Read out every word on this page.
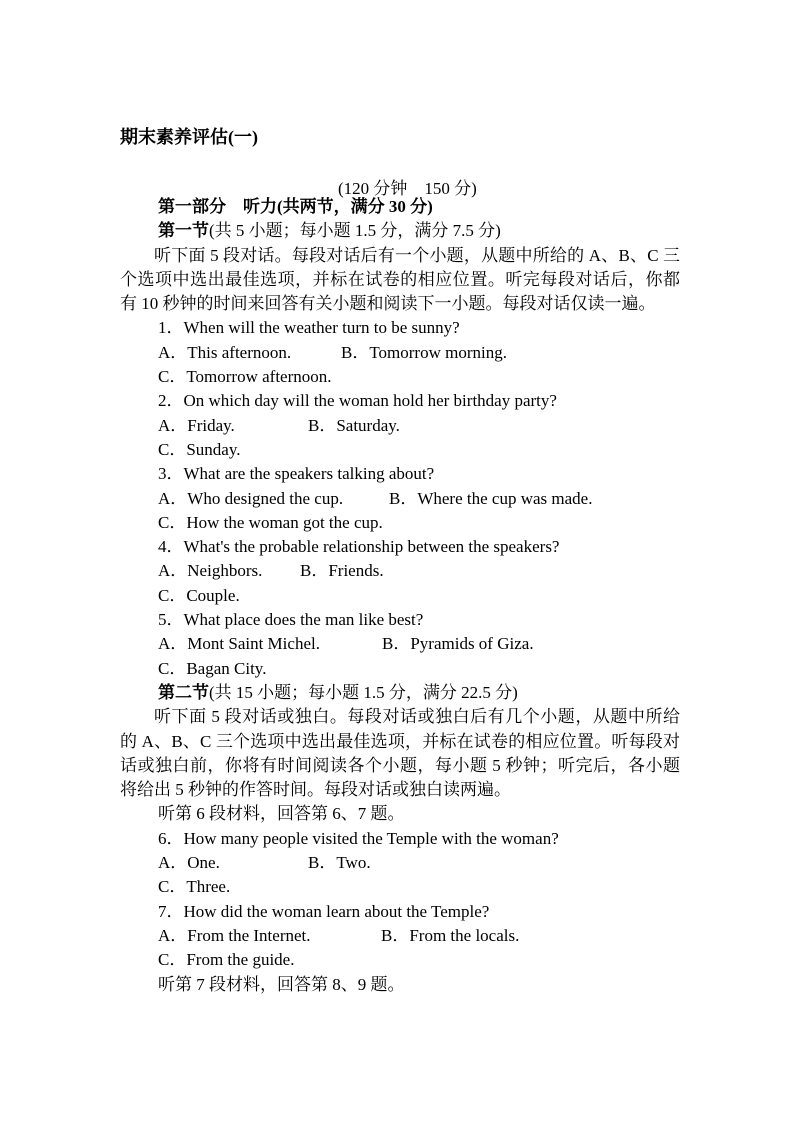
期末素养评估(一)
(120 分钟　150 分)
第一部分　听力(共两节，满分 30 分)
第一节(共 5 小题；每小题 1.5 分，满分 7.5 分)
听下面 5 段对话。每段对话后有一个小题，从题中所给的 A、B、C 三个选项中选出最佳选项，并标在试卷的相应位置。听完每段对话后，你都有 10 秒钟的时间来回答有关小题和阅读下一小题。每段对话仅读一遍。
1．When will the weather turn to be sunny?
A．This afternoon.	B．Tomorrow morning.
C．Tomorrow afternoon.
2．On which day will the woman hold her birthday party?
A．Friday.	B．Saturday.
C．Sunday.
3．What are the speakers talking about?
A．Who designed the cup.	B．Where the cup was made.
C．How the woman got the cup.
4．What's the probable relationship between the speakers?
A．Neighbors. B．Friends.
C．Couple.
5．What place does the man like best?
A．Mont Saint Michel.	B．Pyramids of Giza.
C．Bagan City.
第二节(共 15 小题；每小题 1.5 分，满分 22.5 分)
听下面 5 段对话或独白。每段对话或独白后有几个小题，从题中所给的 A、B、C 三个选项中选出最佳选项，并标在试卷的相应位置。听每段对话或独白前，你将有时间阅读各个小题，每小题 5 秒钟；听完后，各小题将给出 5 秒钟的作答时间。每段对话或独白读两遍。
听第 6 段材料，回答第 6、7 题。
6．How many people visited the Temple with the woman?
A．One.	B．Two.
C．Three.
7．How did the woman learn about the Temple?
A．From the Internet.	B．From the locals.
C．From the guide.
听第 7 段材料，回答第 8、9 题。
